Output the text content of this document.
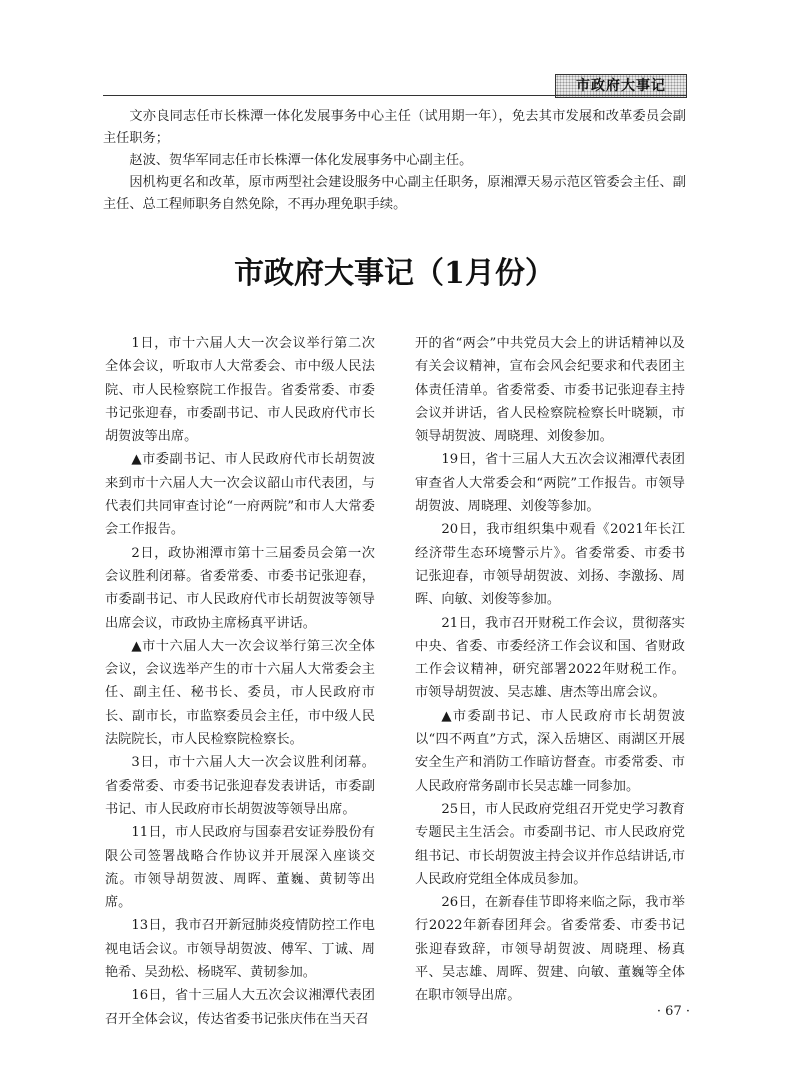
市政府大事记

文亦良同志任市长株潭一体化发展事务中心主任（试用期一年），免去其市发展和改革委员会副主任职务；

赵波、贺华军同志任市长株潭一体化发展事务中心副主任。

因机构更名和改革，原市两型社会建设服务中心副主任职务，原湘潭天易示范区管委会主任、副主任、总工程师职务自然免除，不再办理免职手续。

市政府大事记（1月份）

1日，市十六届人大一次会议举行第二次全体会议，听取市人大常委会、市中级人民法院、市人民检察院工作报告。省委常委、市委书记张迎春，市委副书记、市人民政府代市长胡贺波等出席。

▲市委副书记、市人民政府代市长胡贺波来到市十六届人大一次会议韶山市代表团，与代表们共同审查讨论“一府两院”和市人大常委会工作报告。

2日，政协湘潭市第十三届委员会第一次会议胜利闭幕。省委常委、市委书记张迎春，市委副书记、市人民政府代市长胡贺波等领导出席会议，市政协主席杨真平讲话。

▲市十六届人大一次会议举行第三次全体会议，会议选举产生的市十六届人大常委会主任、副主任、秘书长、委员，市人民政府市长、副市长，市监察委员会主任，市中级人民法院院长，市人民检察院检察长。

3日，市十六届人大一次会议胜利闭幕。省委常委、市委书记张迎春发表讲话，市委副书记、市人民政府市长胡贺波等领导出席。

11日，市人民政府与国泰君安证券股份有限公司签署战略合作协议并开展深入座谈交流。市领导胡贺波、周晖、董巍、黄韧等出席。

13日，我市召开新冠肺炎疫情防控工作电视电话会议。市领导胡贺波、傅军、丁诚、周艳希、吴劲松、杨晓军、黄韧参加。

16日，省十三届人大五次会议湘潭代表团召开全体会议，传达省委书记张庆伟在当天召

开的省“两会”中共党员大会上的讲话精神以及有关会议精神，宣布会风会纪要求和代表团主体责任清单。省委常委、市委书记张迎春主持会议并讲话，省人民检察院检察长叶晓颖，市领导胡贺波、周晓理、刘俊参加。

19日，省十三届人大五次会议湘潭代表团审查省人大常委会和“两院”工作报告。市领导胡贺波、周晓理、刘俊等参加。

20日，我市组织集中观看《2021年长江经济带生态环境警示片》。省委常委、市委书记张迎春，市领导胡贺波、刘扬、李激扬、周晖、向敏、刘俊等参加。

21日，我市召开财税工作会议，贯彻落实中央、省委、市委经济工作会议和国、省财政工作会议精神，研究部署2022年财税工作。市领导胡贺波、吴志雄、唐杰等出席会议。

▲市委副书记、市人民政府市长胡贺波以“四不两直”方式，深入岳塘区、雨湖区开展安全生产和消防工作暗访督查。市委常委、市人民政府常务副市长吴志雄一同参加。

25日，市人民政府党组召开党史学习教育专题民主生活会。市委副书记、市人民政府党组书记、市长胡贺波主持会议并作总结讲话,市人民政府党组全体成员参加。

26日，在新春佳节即将来临之际，我市举行2022年新春团拜会。省委常委、市委书记张迎春致辞，市领导胡贺波、周晓理、杨真平、吴志雄、周晖、贺建、向敏、董巍等全体在职市领导出席。

· 67 ·
